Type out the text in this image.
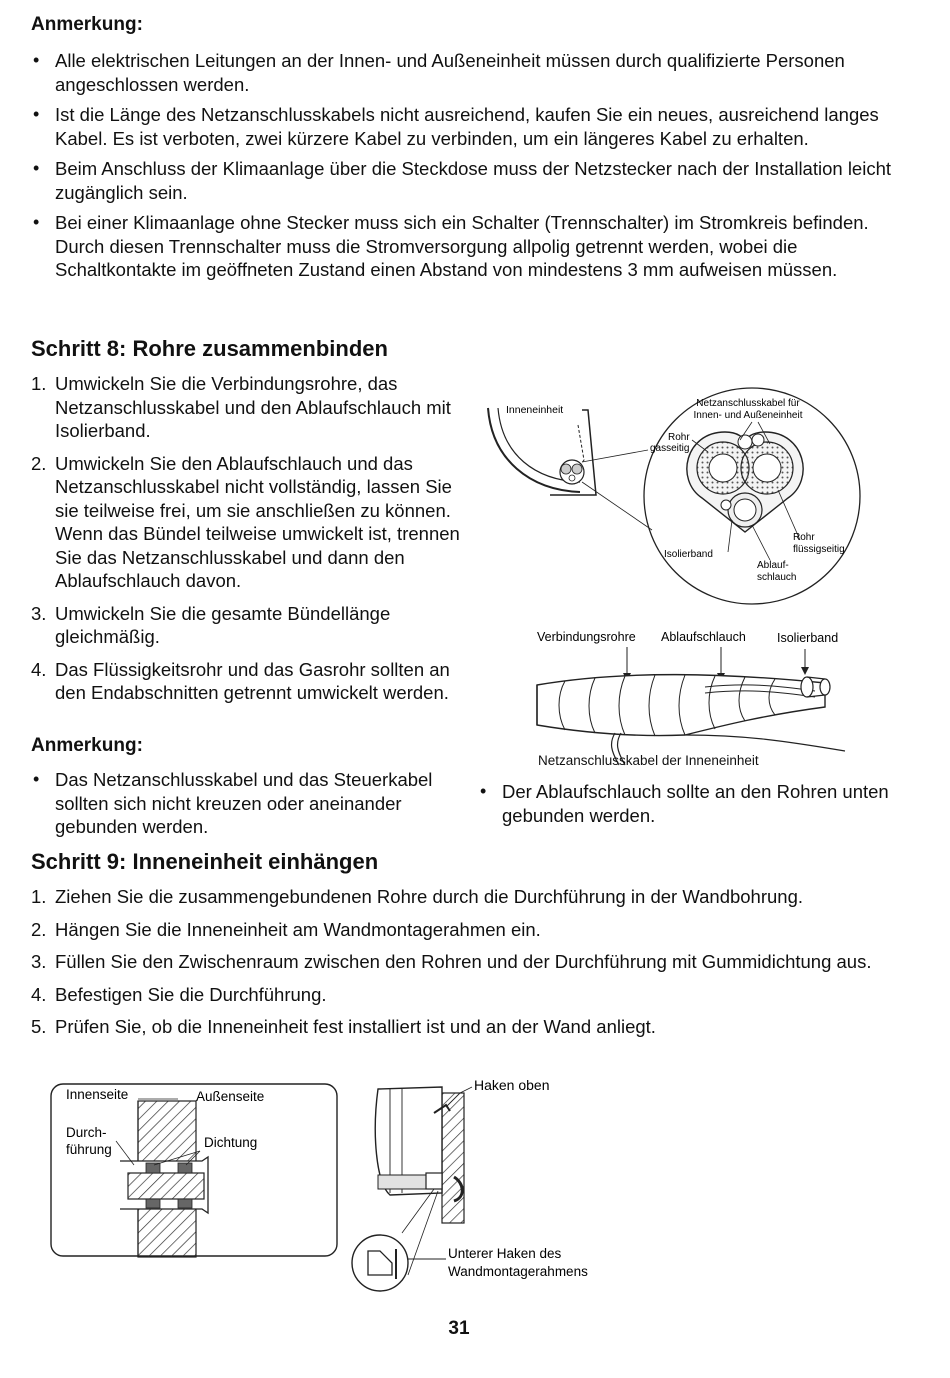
Anmerkung:
• Alle elektrischen Leitungen an der Innen- und Außeneinheit müssen durch qualifizierte Personen angeschlossen werden.
• Ist die Länge des Netzanschlusskabels nicht ausreichend, kaufen Sie ein neues, ausreichend langes Kabel. Es ist verboten, zwei kürzere Kabel zu verbinden, um ein längeres Kabel zu erhalten.
• Beim Anschluss der Klimaanlage über die Steckdose muss der Netzstecker nach der Installation leicht zugänglich sein.
• Bei einer Klimaanlage ohne Stecker muss sich ein Schalter (Trennschalter) im Stromkreis befinden. Durch diesen Trennschalter muss die Stromversorgung allpolig getrennt werden, wobei die Schaltkontakte im geöffneten Zustand einen Abstand von mindestens 3 mm aufweisen müssen.
Schritt 8: Rohre zusammenbinden
1. Umwickeln Sie die Verbindungsrohre, das Netzanschlusskabel und den Ablaufschlauch mit Isolierband.
2. Umwickeln Sie den Ablaufschlauch und das Netzanschlusskabel nicht vollständig, lassen Sie sie teilweise frei, um sie anschließen zu können. Wenn das Bündel teilweise umwickelt ist, trennen Sie das Netzanschlusskabel und dann den Ablaufschlauch davon.
3. Umwickeln Sie die gesamte Bündellänge gleichmäßig.
4. Das Flüssigkeitsrohr und das Gasrohr sollten an den Endabschnitten getrennt umwickelt werden.
Anmerkung:
• Das Netzanschlusskabel und das Steuerkabel sollten sich nicht kreuzen oder aneinander gebunden werden.
• Der Ablaufschlauch sollte an den Rohren unten gebunden werden.
Inneneinheit
Netzanschlusskabel für
Innen- und Außeneinheit
Rohr
gasseitig
Isolierband
Rohr
flüssigseitig
Ablauf-
schlauch
Verbindungsrohre Ablaufschlauch Isolierband
Netzanschlusskabel der Inneneinheit
Schritt 9: Inneneinheit einhängen
1. Ziehen Sie die zusammengebundenen Rohre durch die Durchführung in der Wandbohrung.
2. Hängen Sie die Inneneinheit am Wandmontagerahmen ein.
3. Füllen Sie den Zwischenraum zwischen den Rohren und der Durchführung mit Gummidichtung aus.
4. Befestigen Sie die Durchführung.
5. Prüfen Sie, ob die Inneneinheit fest installiert ist und an der Wand anliegt.
Innenseite	Außenseite
Durch-
führung	Dichtung
Haken oben
Unterer Haken des
Wandmontagerahmens
31
